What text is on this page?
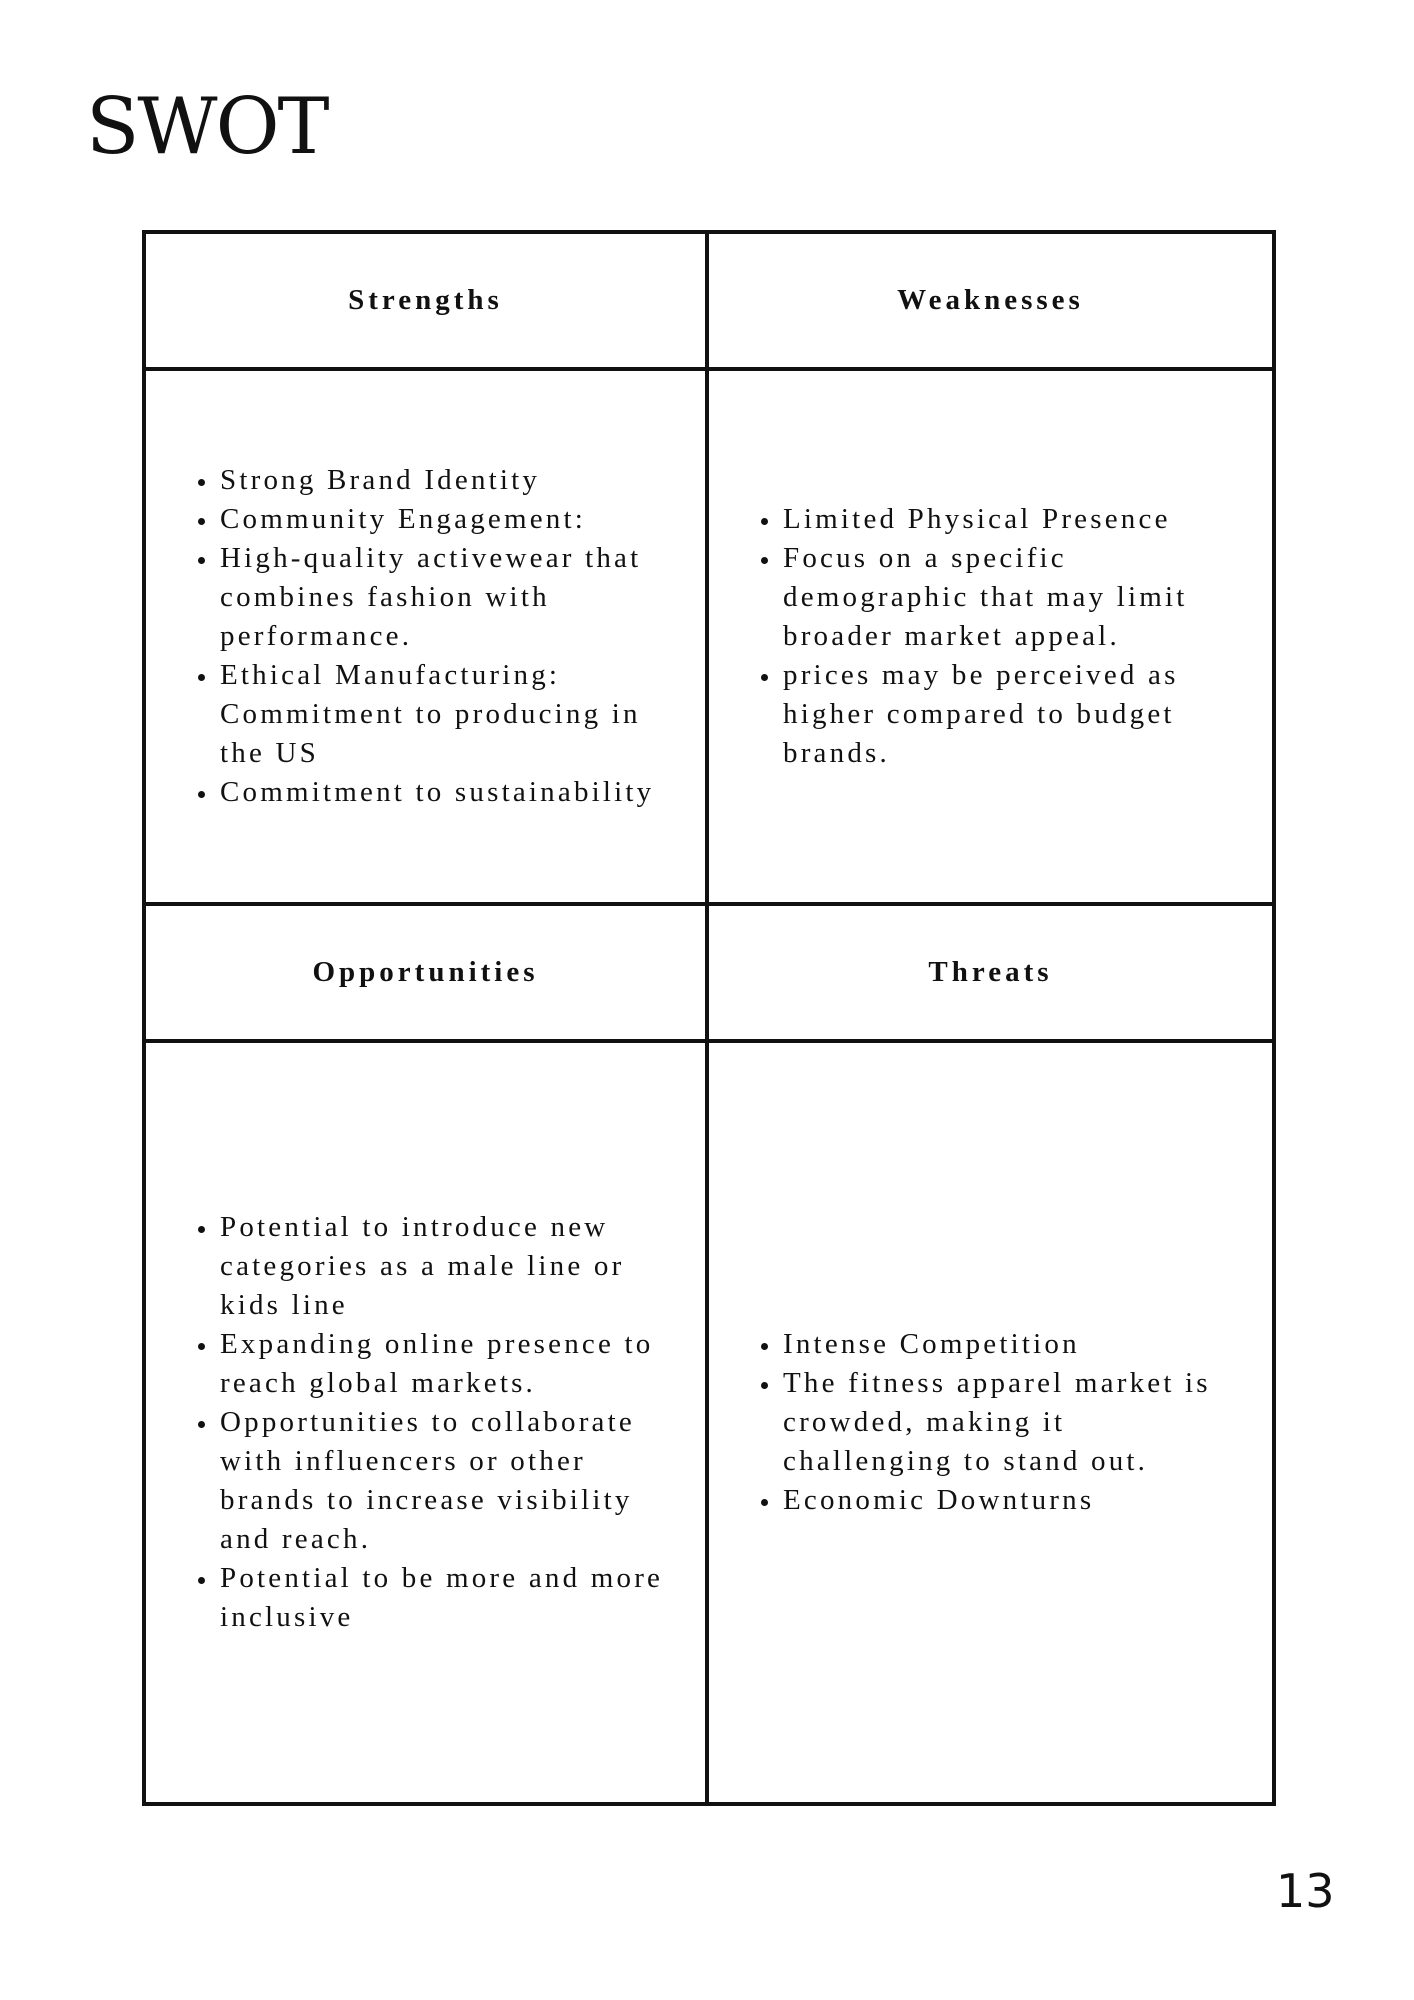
SWOT
Strengths	Weaknesses
• Strong Brand Identity
• Community Engagement:
• High-quality activewear that combines fashion with performance.
• Ethical Manufacturing: Commitment to producing in the US
• Commitment to sustainability
• Limited Physical Presence
• Focus on a specific demographic that may limit broader market appeal.
• prices may be perceived as higher compared to budget brands.
Opportunities	Threats
• Potential to introduce new categories as a male line or kids line
• Expanding online presence to reach global markets.
• Opportunities to collaborate with influencers or other brands to increase visibility and reach.
• Potential to be more and more inclusive
• Intense Competition
• The fitness apparel market is crowded, making it challenging to stand out.
• Economic Downturns
13
